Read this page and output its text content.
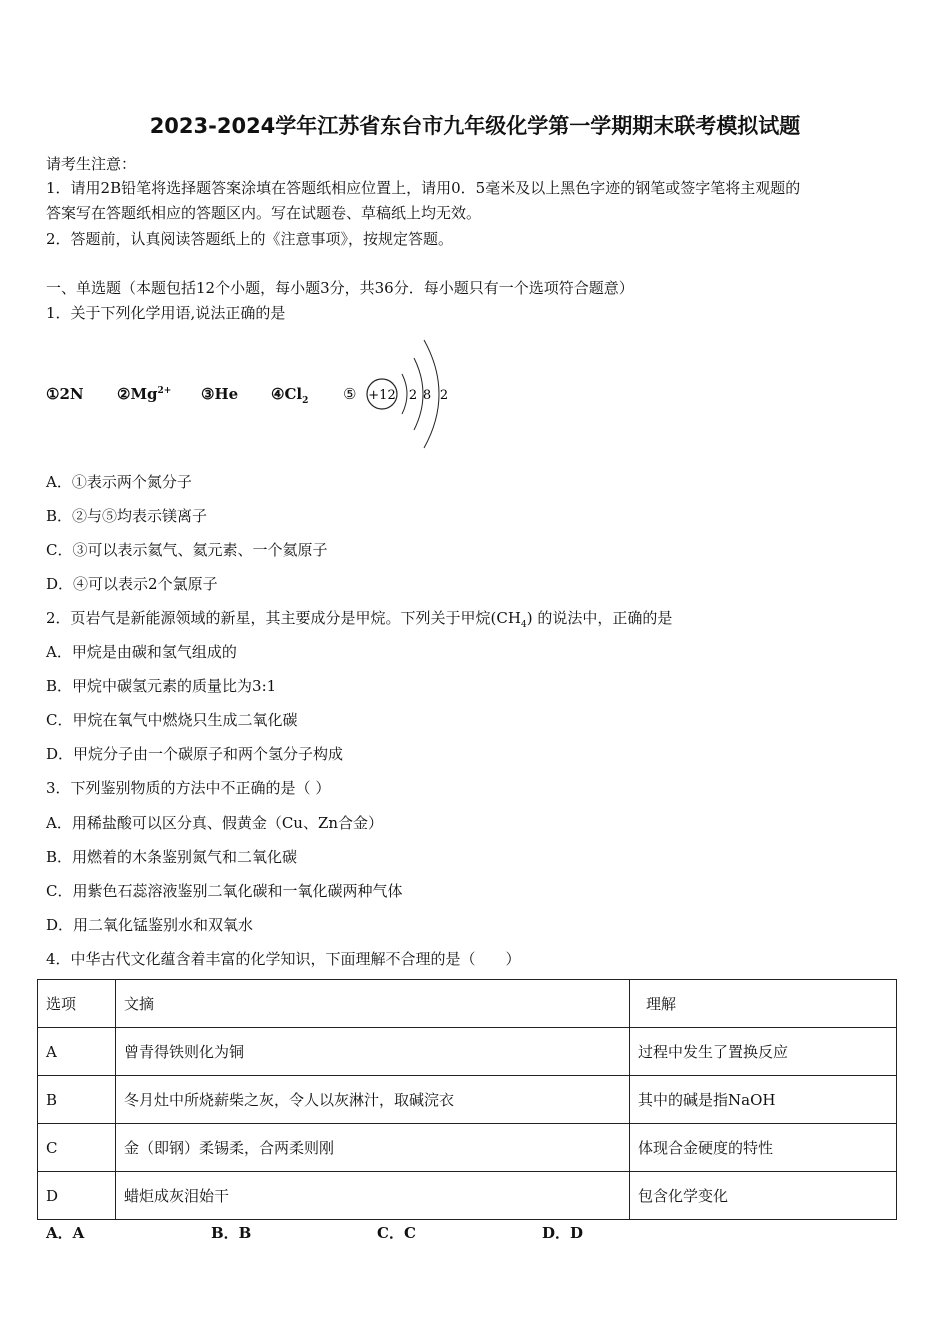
2023-2024学年江苏省东台市九年级化学第一学期期末联考模拟试题
请考生注意：
1．请用2B铅笔将选择题答案涂填在答题纸相应位置上，请用0．5毫米及以上黑色字迹的钢笔或签字笔将主观题的
答案写在答题纸相应的答题区内。写在试题卷、草稿纸上均无效。
2．答题前，认真阅读答题纸上的《注意事项》，按规定答题。
一、单选题（本题包括12个小题，每小题3分，共36分．每小题只有一个选项符合题意）
1．关于下列化学用语,说法正确的是
①2N $②Mg^{2+}$ ③He $④Cl_2$ ⑤ +12 2 8 2
A．①表示两个氮分子
B．②与⑤均表示镁离子
C．③可以表示氦气、氦元素、一个氦原子
D．④可以表示2个氯原子
2．页岩气是新能源领域的新星，其主要成分是甲烷。下列关于甲烷$(CH_4)$ 的说法中，正确的是
A．甲烷是由碳和氢气组成的
B．甲烷中碳氢元素的质量比为3:1
C．甲烷在氧气中燃烧只生成二氧化碳
D．甲烷分子由一个碳原子和两个氢分子构成
3．下列鉴别物质的方法中不正确的是（ ）
A．用稀盐酸可以区分真、假黄金（Cu、Zn合金）
B．用燃着的木条鉴别氮气和二氧化碳
C．用紫色石蕊溶液鉴别二氧化碳和一氧化碳两种气体
D．用二氧化锰鉴别水和双氧水
4．中华古代文化蕴含着丰富的化学知识，下面理解不合理的是（　　）
选项	文摘	理解
A	曾青得铁则化为铜	过程中发生了置换反应
B	冬月灶中所烧薪柴之灰，令人以灰淋汁，取碱浣衣	其中的碱是指NaOH
C	金（即钢）柔锡柔，合两柔则刚	体现合金硬度的特性
D	蜡炬成灰泪始干	包含化学变化
A．A	B．B	C．C	D．D
